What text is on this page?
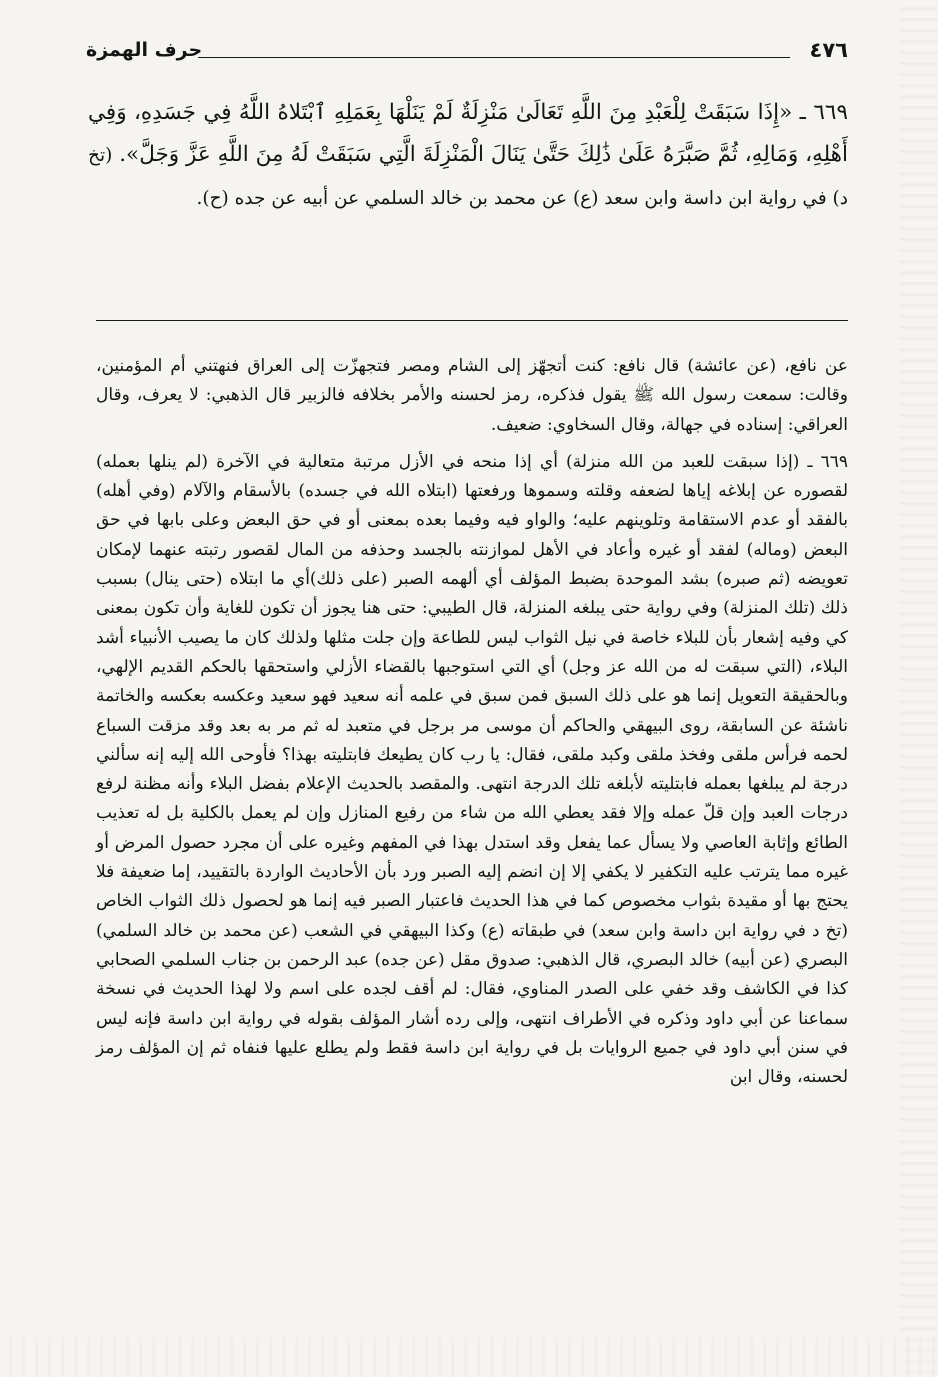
٤٧٦
حرف الهمزة

٦٦٩ ـ «إِذَا سَبَقَتْ لِلْعَبْدِ مِنَ اللَّهِ تَعَالَىٰ مَنْزِلَةٌ لَمْ يَنَلْهَا بِعَمَلِهِ ٱبْتَلاهُ اللَّهُ فِي جَسَدِهِ، وَفِي أَهْلِهِ، وَمَالِهِ، ثُمَّ صَبَّرَهُ عَلَىٰ ذَٰلِكَ حَتَّىٰ يَنَالَ الْمَنْزِلَةَ الَّتِي سَبَقَتْ لَهُ مِنَ اللَّهِ عَزَّ وَجَلَّ». (تخ د) في رواية ابن داسة وابن سعد (ع) عن محمد بن خالد السلمي عن أبيه عن جده (ح).

عن نافع، (عن عائشة) قال نافع: كنت أتجهّز إلى الشام ومصر فتجهزّت إلى العراق فنهتني أم المؤمنين، وقالت: سمعت رسول الله ﷺ يقول فذكره، رمز لحسنه والأمر بخلافه فالزبير قال الذهبي: لا يعرف، وقال العراقي: إسناده في جهالة، وقال السخاوي: ضعيف.

٦٦٩ ـ (إذا سبقت للعبد من الله منزلة) أي إذا منحه في الأزل مرتبة متعالية في الآخرة (لم ينلها بعمله) لقصوره عن إبلاغه إياها لضعفه وقلته وسموها ورفعتها (ابتلاه الله في جسده) بالأسقام والآلام (وفي أهله) بالفقد أو عدم الاستقامة وتلوينهم عليه؛ والواو فيه وفيما بعده بمعنى أو في حق البعض وعلى بابها في حق البعض (وماله) لفقد أو غيره وأعاد في الأهل لموازنته بالجسد وحذفه من المال لقصور رتبته عنهما لإمكان تعويضه (ثم صبره) بشد الموحدة بضبط المؤلف أي ألهمه الصبر (على ذلك)أي ما ابتلاه (حتى ينال) بسبب ذلك (تلك المنزلة) وفي رواية حتى يبلغه المنزلة، قال الطيبي: حتى هنا يجوز أن تكون للغاية وأن تكون بمعنى كي وفيه إشعار بأن للبلاء خاصة في نيل الثواب ليس للطاعة وإن جلت مثلها ولذلك كان ما يصيب الأنبياء أشد البلاء، (التي سبقت له من الله عز وجل) أي التي استوجبها بالقضاء الأزلي واستحقها بالحكم القديم الإلهي، وبالحقيقة التعويل إنما هو على ذلك السبق فمن سبق في علمه أنه سعيد فهو سعيد وعكسه بعكسه والخاتمة ناشئة عن السابقة، روى البيهقي والحاكم أن موسى مر برجل في متعبد له ثم مر به بعد وقد مزقت السباع لحمه فرأس ملقى وفخذ ملقى وكبد ملقى، فقال: يا رب كان يطيعك فابتليته بهذا؟ فأوحى الله إليه إنه سألني درجة لم يبلغها بعمله فابتليته لأبلغه تلك الدرجة انتهى. والمقصد بالحديث الإعلام بفضل البلاء وأنه مظنة لرفع درجات العبد وإن قلّ عمله وإلا فقد يعطي الله من شاء من رفيع المنازل وإن لم يعمل بالكلية بل له تعذيب الطائع وإثابة العاصي ولا يسأل عما يفعل وقد استدل بهذا في المفهم وغيره على أن مجرد حصول المرض أو غيره مما يترتب عليه التكفير لا يكفي إلا إن انضم إليه الصبر ورد بأن الأحاديث الواردة بالتقييد، إما ضعيفة فلا يحتج بها أو مقيدة بثواب مخصوص كما في هذا الحديث فاعتبار الصبر فيه إنما هو لحصول ذلك الثواب الخاص (تخ د في رواية ابن داسة وابن سعد) في طبقاته (ع) وكذا البيهقي في الشعب (عن محمد بن خالد السلمي) البصري (عن أبيه) خالد البصري، قال الذهبي: صدوق مقل (عن جده) عبد الرحمن بن جناب السلمي الصحابي كذا في الكاشف وقد خفي على الصدر المناوي، فقال: لم أقف لجده على اسم ولا لهذا الحديث في نسخة سماعنا عن أبي داود وذكره في الأطراف انتهى، وإلى رده أشار المؤلف بقوله في رواية ابن داسة فإنه ليس في سنن أبي داود في جميع الروايات بل في رواية ابن داسة فقط ولم يطلع عليها فنفاه ثم إن المؤلف رمز لحسنه، وقال ابن
